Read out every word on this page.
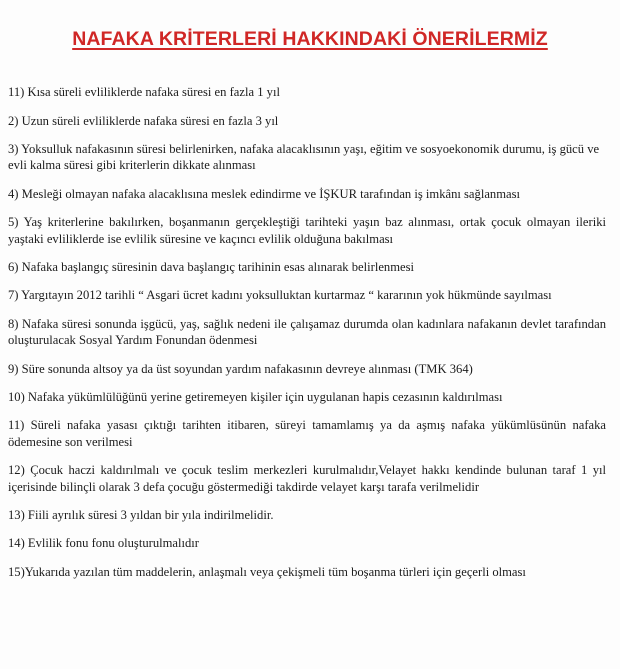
NAFAKA KRİTERLERİ HAKKINDAKİ ÖNERİLERMİZ

11) Kısa süreli evliliklerde nafaka süresi en fazla 1 yıl

2) Uzun süreli evliliklerde nafaka süresi en fazla 3 yıl

3) Yoksulluk nafakasının süresi belirlenirken, nafaka alacaklısının yaşı, eğitim ve sosyoekonomik durumu, iş gücü ve evli kalma süresi gibi kriterlerin dikkate alınması

4) Mesleği olmayan nafaka alacaklısına meslek edindirme ve İŞKUR tarafından iş imkânı sağlanması

5) Yaş kriterlerine bakılırken, boşanmanın gerçekleştiği tarihteki yaşın baz alınması, ortak çocuk olmayan ileriki yaştaki evliliklerde ise evlilik süresine ve kaçıncı evlilik olduğuna bakılması

6) Nafaka başlangıç süresinin dava başlangıç tarihinin esas alınarak belirlenmesi

7) Yargıtayın 2012 tarihli “ Asgari ücret kadını yoksulluktan kurtarmaz “ kararının yok hükmünde sayılması

8) Nafaka süresi sonunda işgücü, yaş, sağlık nedeni ile çalışamaz durumda olan kadınlara nafakanın devlet tarafından oluşturulacak Sosyal Yardım Fonundan ödenmesi

9) Süre sonunda altsoy ya da üst soyundan yardım nafakasının devreye alınması (TMK 364)

10) Nafaka yükümlülüğünü yerine getiremeyen kişiler için uygulanan hapis cezasının kaldırılması

11) Süreli nafaka yasası çıktığı tarihten itibaren, süreyi tamamlamış ya da aşmış nafaka yükümlüsünün nafaka ödemesine son verilmesi

12) Çocuk haczi kaldırılmalı ve çocuk teslim merkezleri kurulmalıdır,Velayet hakkı kendinde bulunan taraf 1 yıl içerisinde bilinçli olarak 3 defa çocuğu göstermediği takdirde velayet karşı tarafa verilmelidir

13) Fiili ayrılık süresi 3 yıldan bir yıla indirilmelidir.

14) Evlilik fonu fonu oluşturulmalıdır

15)Yukarıda yazılan tüm maddelerin, anlaşmalı veya çekişmeli tüm boşanma türleri için geçerli olması
